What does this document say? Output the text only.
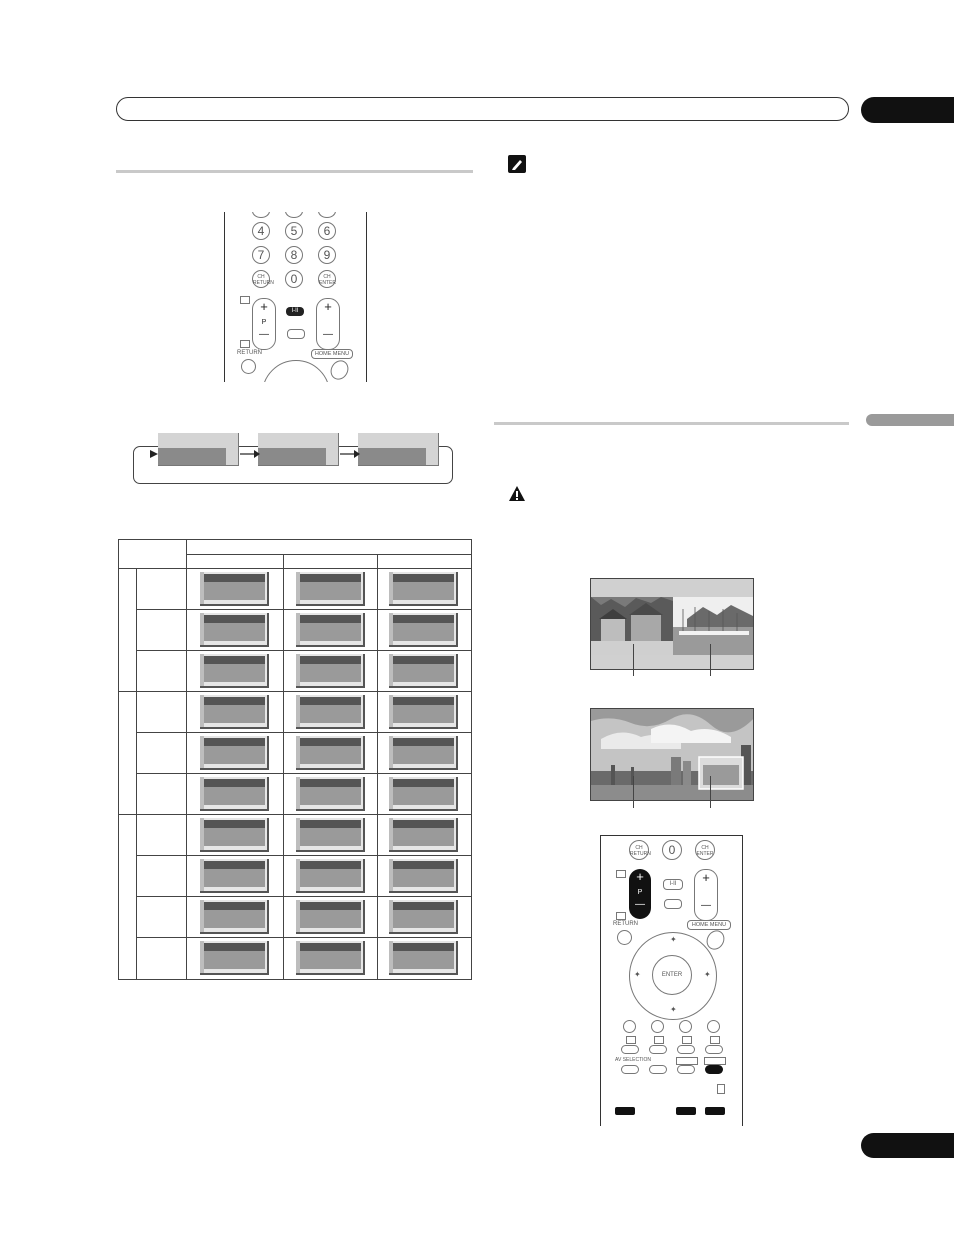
4	5	6
7	8	9
CH RETURN	0	CH ENTER
+
P
—
I-II	+
—
RETURN	HOME MENU
CH RETURN	0	CH ENTER
+
P
—
I-II	+
—
RETURN	HOME MENU
✦
✦
✦	✦
ENTER
AV SELECTION
